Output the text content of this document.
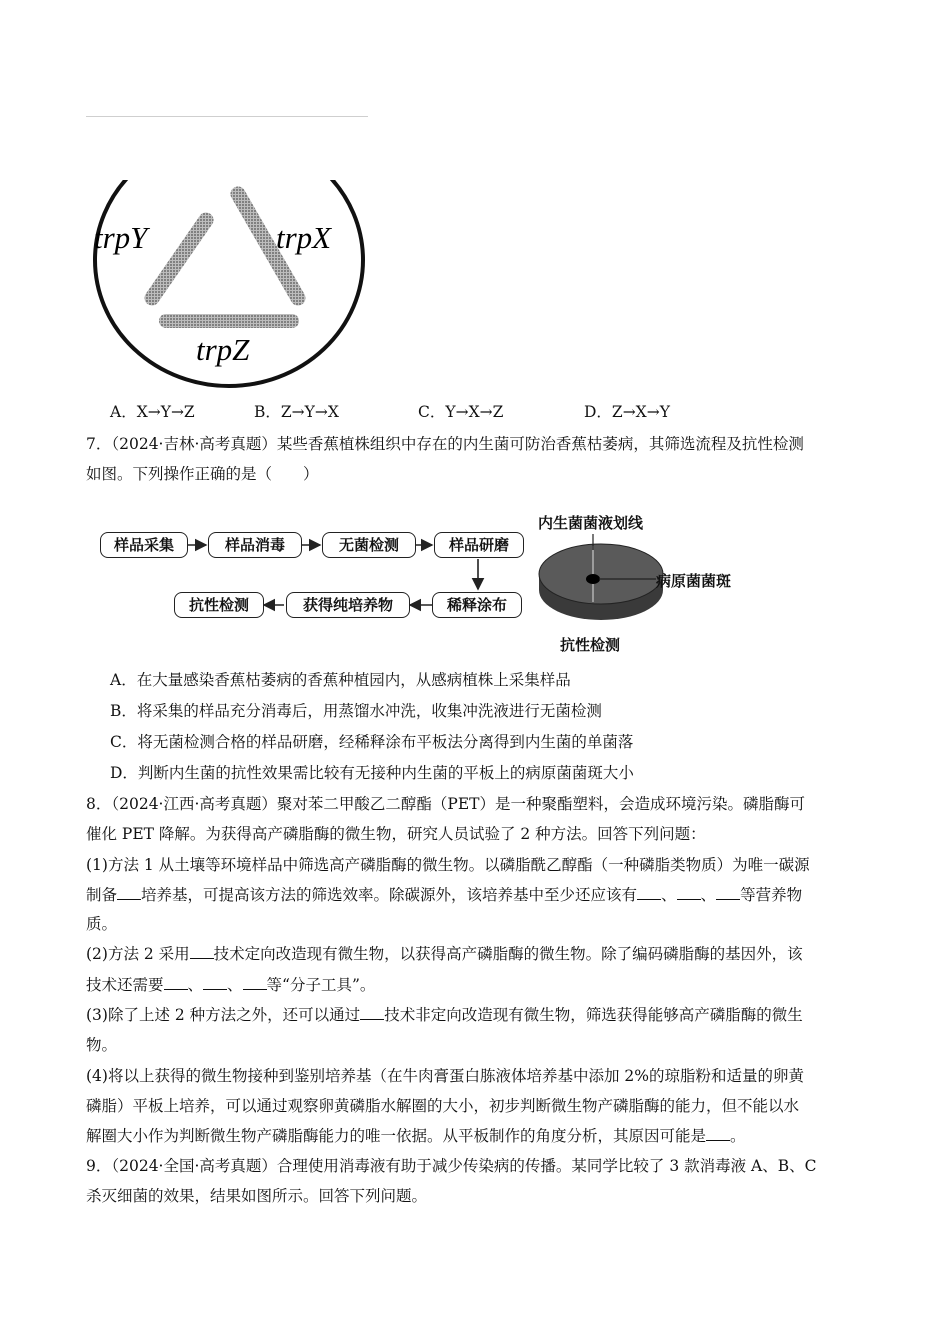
trpY	trpX
trpZ
A．X→Y→Z	B．Z→Y→X	C．Y→X→Z	D．Z→X→Y
7．（2024·吉林·高考真题）某些香蕉植株组织中存在的内生菌可防治香蕉枯萎病，其筛选流程及抗性检测
如图。下列操作正确的是（　　）
样品采集	样品消毒	无菌检测	样品研磨
稀释涂布
获得纯培养物
抗性检测
内生菌菌液划线
病原菌菌斑
抗性检测
A．在大量感染香蕉枯萎病的香蕉种植园内，从感病植株上采集样品
B．将采集的样品充分消毒后，用蒸馏水冲洗，收集冲洗液进行无菌检测
C．将无菌检测合格的样品研磨，经稀释涂布平板法分离得到内生菌的单菌落
D．判断内生菌的抗性效果需比较有无接种内生菌的平板上的病原菌菌斑大小
8．（2024·江西·高考真题）聚对苯二甲酸乙二醇酯（PET）是一种聚酯塑料，会造成环境污染。磷脂酶可
催化 PET 降解。为获得高产磷脂酶的微生物，研究人员试验了 2 种方法。回答下列问题：
(1)方法 1 从土壤等环境样品中筛选高产磷脂酶的微生物。以磷脂酰乙醇酯（一种磷脂类物质）为唯一碳源
制备 培养基，可提高该方法的筛选效率。除碳源外，该培养基中至少还应该有 、 、 等营养物
质。
(2)方法 2 采用 技术定向改造现有微生物，以获得高产磷脂酶的微生物。除了编码磷脂酶的基因外，该
技术还需要 、 、 等“分子工具”。
(3)除了上述 2 种方法之外，还可以通过 技术非定向改造现有微生物，筛选获得能够高产磷脂酶的微生
物。
(4)将以上获得的微生物接种到鉴别培养基（在牛肉膏蛋白胨液体培养基中添加 2%的琼脂粉和适量的卵黄
磷脂）平板上培养，可以通过观察卵黄磷脂水解圈的大小，初步判断微生物产磷脂酶的能力，但不能以水
解圈大小作为判断微生物产磷脂酶能力的唯一依据。从平板制作的角度分析，其原因可能是 。
9．（2024·全国·高考真题）合理使用消毒液有助于减少传染病的传播。某同学比较了 3 款消毒液 A、B、C
杀灭细菌的效果，结果如图所示。回答下列问题。
